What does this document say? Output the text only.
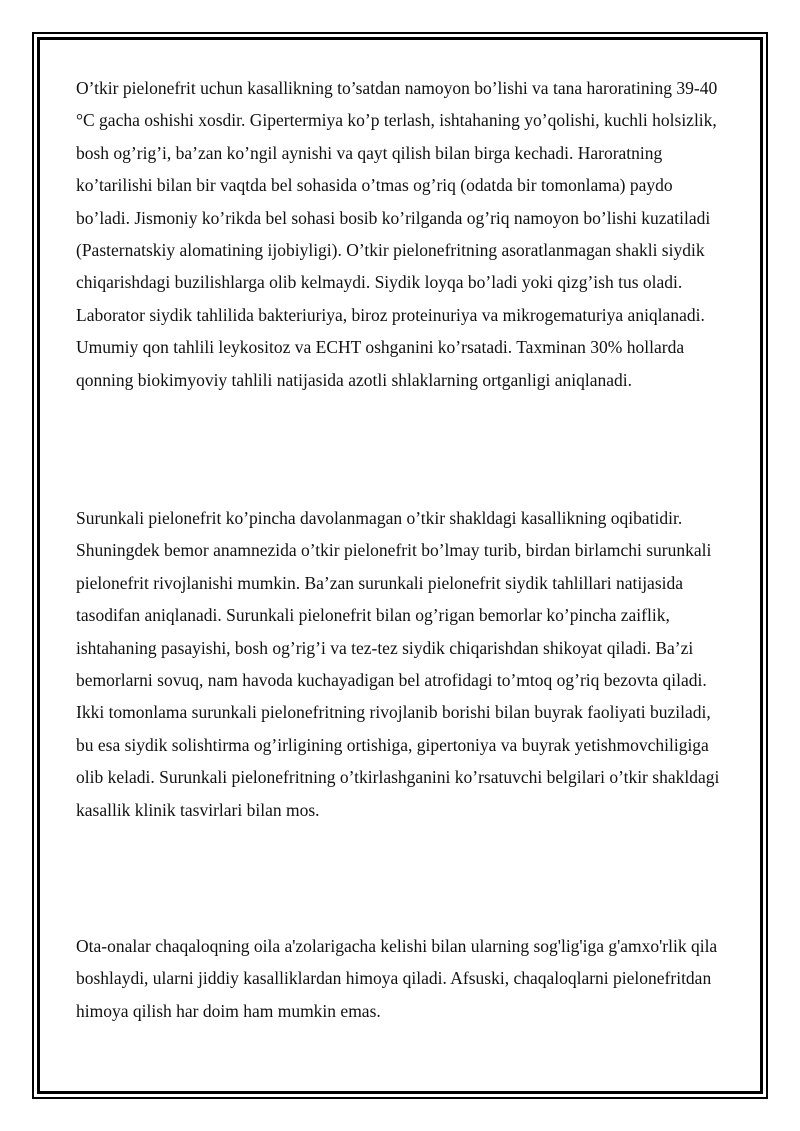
O’tkir pielonefrit uchun kasallikning to’satdan namoyon bo’lishi va tana haroratining 39-40 °C gacha oshishi xosdir. Gipertermiya ko’p terlash, ishtahaning yo’qolishi, kuchli holsizlik, bosh og’rig’i, ba’zan ko’ngil aynishi va qayt qilish bilan birga kechadi. Haroratning ko’tarilishi bilan bir vaqtda bel sohasida o’tmas og’riq (odatda bir tomonlama) paydo bo’ladi. Jismoniy ko’rikda bel sohasi bosib ko’rilganda og’riq namoyon bo’lishi kuzatiladi (Pasternatskiy alomatining ijobiyligi). O’tkir pielonefritning asoratlanmagan shakli siydik chiqarishdagi buzilishlarga olib kelmaydi. Siydik loyqa bo’ladi yoki qizg’ish tus oladi. Laborator siydik tahlilida bakteriuriya, biroz proteinuriya va mikrogematuriya aniqlanadi. Umumiy qon tahlili leykositoz va ECHT oshganini ko’rsatadi. Taxminan 30% hollarda qonning biokimyoviy tahlili natijasida azotli shlaklarning ortganligi aniqlanadi.

Surunkali pielonefrit ko’pincha davolanmagan o’tkir shakldagi kasallikning oqibatidir. Shuningdek bemor anamnezida o’tkir pielonefrit bo’lmay turib, birdan birlamchi surunkali pielonefrit rivojlanishi mumkin. Ba’zan surunkali pielonefrit siydik tahlillari natijasida tasodifan aniqlanadi. Surunkali pielonefrit bilan og’rigan bemorlar ko’pincha zaiflik, ishtahaning pasayishi, bosh og’rig’i va tez-tez siydik chiqarishdan shikoyat qiladi. Ba’zi bemorlarni sovuq, nam havoda kuchayadigan bel atrofidagi to’mtoq og’riq bezovta qiladi. Ikki tomonlama surunkali pielonefritning rivojlanib borishi bilan buyrak faoliyati buziladi, bu esa siydik solishtirma og’irligining ortishiga, gipertoniya va buyrak yetishmovchiligiga olib keladi. Surunkali pielonefritning o’tkirlashganini ko’rsatuvchi belgilari o’tkir shakldagi kasallik klinik tasvirlari bilan mos.

Ota-onalar chaqaloqning oila a'zolarigacha kelishi bilan ularning sog'lig'iga g'amxo'rlik qila boshlaydi, ularni jiddiy kasalliklardan himoya qiladi. Afsuski, chaqaloqlarni pielonefritdan himoya qilish har doim ham mumkin emas.
